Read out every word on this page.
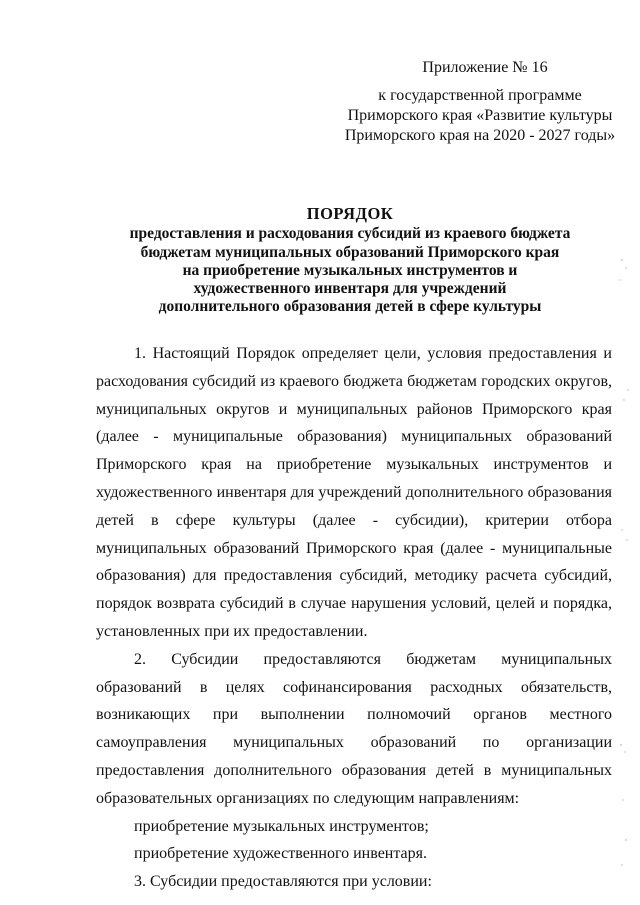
Приложение № 16
к государственной программе
Приморского края «Развитие культуры
Приморского края на 2020 - 2027 годы»
ПОРЯДОК
предоставления и расходования субсидий из краевого бюджета
бюджетам муниципальных образований Приморского края
на приобретение музыкальных инструментов и
художественного инвентаря для учреждений
дополнительного образования детей в сфере культуры

1. Настоящий Порядок определяет цели, условия предоставления и расходования субсидий из краевого бюджета бюджетам городских округов, муниципальных округов и муниципальных районов Приморского края (далее - муниципальные образования) муниципальных образований Приморского края на приобретение музыкальных инструментов и художественного инвентаря для учреждений дополнительного образования детей в сфере культуры (далее - субсидии), критерии отбора муниципальных образований Приморского края (далее - муниципальные образования) для предоставления субсидий, методику расчета субсидий, порядок возврата субсидий в случае нарушения условий, целей и порядка, установленных при их предоставлении.

2. Субсидии предоставляются бюджетам муниципальных образований в целях софинансирования расходных обязательств, возникающих при выполнении полномочий органов местного самоуправления муниципальных образований по организации предоставления дополнительного образования детей в муниципальных образовательных организациях по следующим направлениям:

приобретение музыкальных инструментов;

приобретение художественного инвентаря.

3. Субсидии предоставляются при условии:
